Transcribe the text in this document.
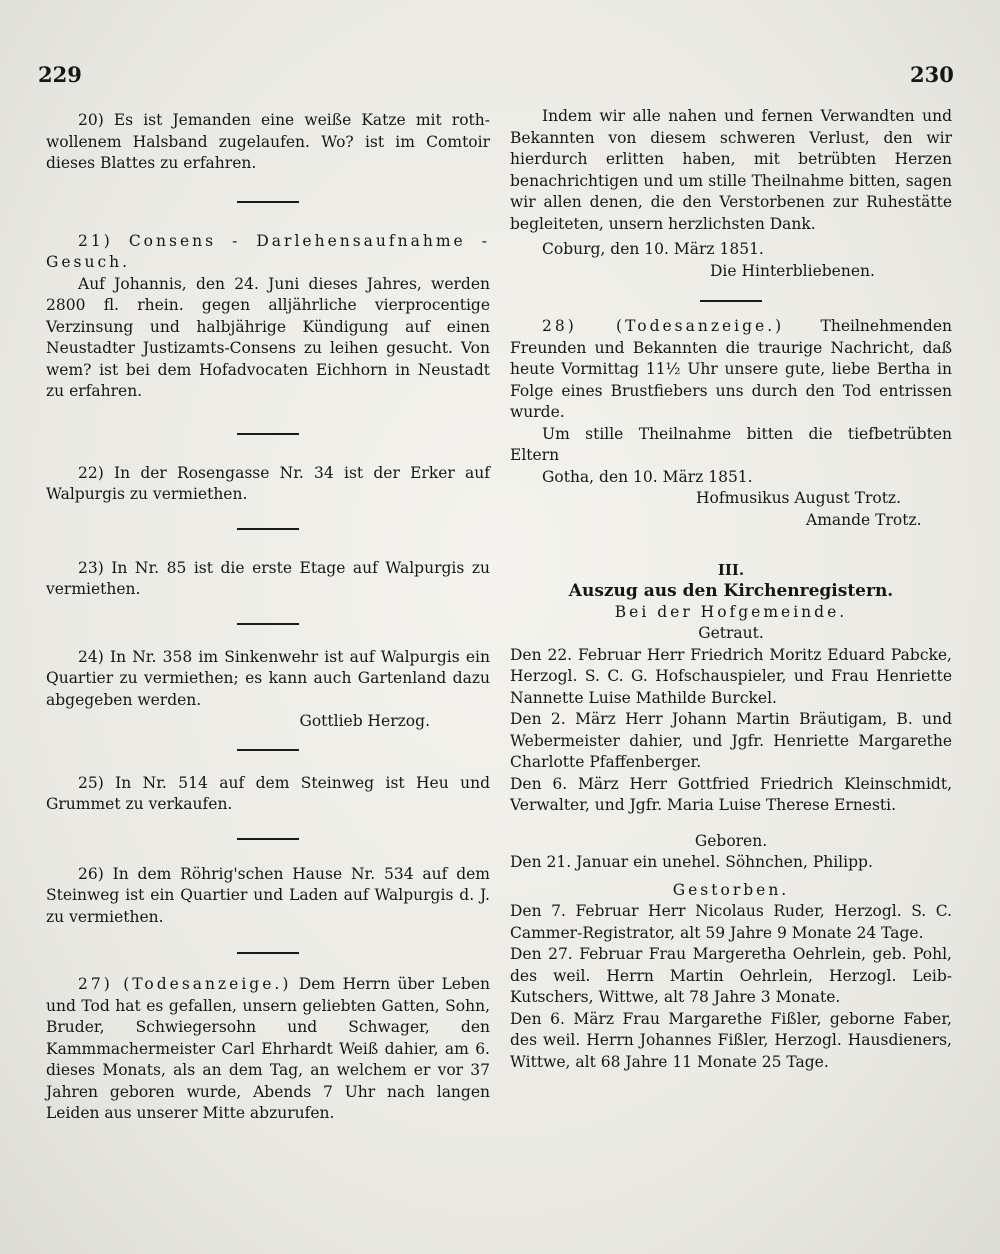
229	230

20) Es ist Jemanden eine weiße Katze mit roth-wollenem Halsband zugelaufen. Wo? ist im Comtoir dieses Blattes zu erfahren.

21) Consens - Darlehensaufnahme - Gesuch.

Auf Johannis, den 24. Juni dieses Jahres, werden 2800 fl. rhein. gegen alljährliche vierprocentige Verzinsung und halbjährige Kündigung auf einen Neustadter Justizamts-Consens zu leihen gesucht. Von wem? ist bei dem Hofadvocaten Eichhorn in Neustadt zu erfahren.

22) In der Rosengasse Nr. 34 ist der Erker auf Walpurgis zu vermiethen.

23) In Nr. 85 ist die erste Etage auf Walpurgis zu vermiethen.

24) In Nr. 358 im Sinkenwehr ist auf Walpurgis ein Quartier zu vermiethen; es kann auch Gartenland dazu abgegeben werden.

Gottlieb Herzog.

25) In Nr. 514 auf dem Steinweg ist Heu und Grummet zu verkaufen.

26) In dem Röhrig'schen Hause Nr. 534 auf dem Steinweg ist ein Quartier und Laden auf Walpurgis d. J. zu vermiethen.

27) (Todesanzeige.) Dem Herrn über Leben und Tod hat es gefallen, unsern geliebten Gatten, Sohn, Bruder, Schwiegersohn und Schwager, den Kammmachermeister Carl Ehrhardt Weiß dahier, am 6. dieses Monats, als an dem Tag, an welchem er vor 37 Jahren geboren wurde, Abends 7 Uhr nach langen Leiden aus unserer Mitte abzurufen.

Indem wir alle nahen und fernen Verwandten und Bekannten von diesem schweren Verlust, den wir hierdurch erlitten haben, mit betrübten Herzen benachrichtigen und um stille Theilnahme bitten, sagen wir allen denen, die den Verstorbenen zur Ruhestätte begleiteten, unsern herzlichsten Dank.

Coburg, den 10. März 1851.

Die Hinterbliebenen.

28) (Todesanzeige.) Theilnehmenden Freunden und Bekannten die traurige Nachricht, daß heute Vormittag 11½ Uhr unsere gute, liebe Bertha in Folge eines Brustfiebers uns durch den Tod entrissen wurde.

Um stille Theilnahme bitten die tiefbetrübten Eltern

Gotha, den 10. März 1851.

Hofmusikus August Trotz.

Amande Trotz.

III.

Auszug aus den Kirchenregistern.

Bei der Hofgemeinde.

Getraut.

Den 22. Februar Herr Friedrich Moritz Eduard Pabcke, Herzogl. S. C. G. Hofschauspieler, und Frau Henriette Nannette Luise Mathilde Burckel.

Den 2. März Herr Johann Martin Bräutigam, B. und Webermeister dahier, und Jgfr. Henriette Margarethe Charlotte Pfaffenberger.

Den 6. März Herr Gottfried Friedrich Kleinschmidt, Verwalter, und Jgfr. Maria Luise Therese Ernesti.

Geboren.

Den 21. Januar ein unehel. Söhnchen, Philipp.

Gestorben.

Den 7. Februar Herr Nicolaus Ruder, Herzogl. S. C. Cammer-Registrator, alt 59 Jahre 9 Monate 24 Tage.

Den 27. Februar Frau Margeretha Oehrlein, geb. Pohl, des weil. Herrn Martin Oehrlein, Herzogl. Leib-Kutschers, Wittwe, alt 78 Jahre 3 Monate.

Den 6. März Frau Margarethe Fißler, geborne Faber, des weil. Herrn Johannes Fißler, Herzogl. Hausdieners, Wittwe, alt 68 Jahre 11 Monate 25 Tage.
